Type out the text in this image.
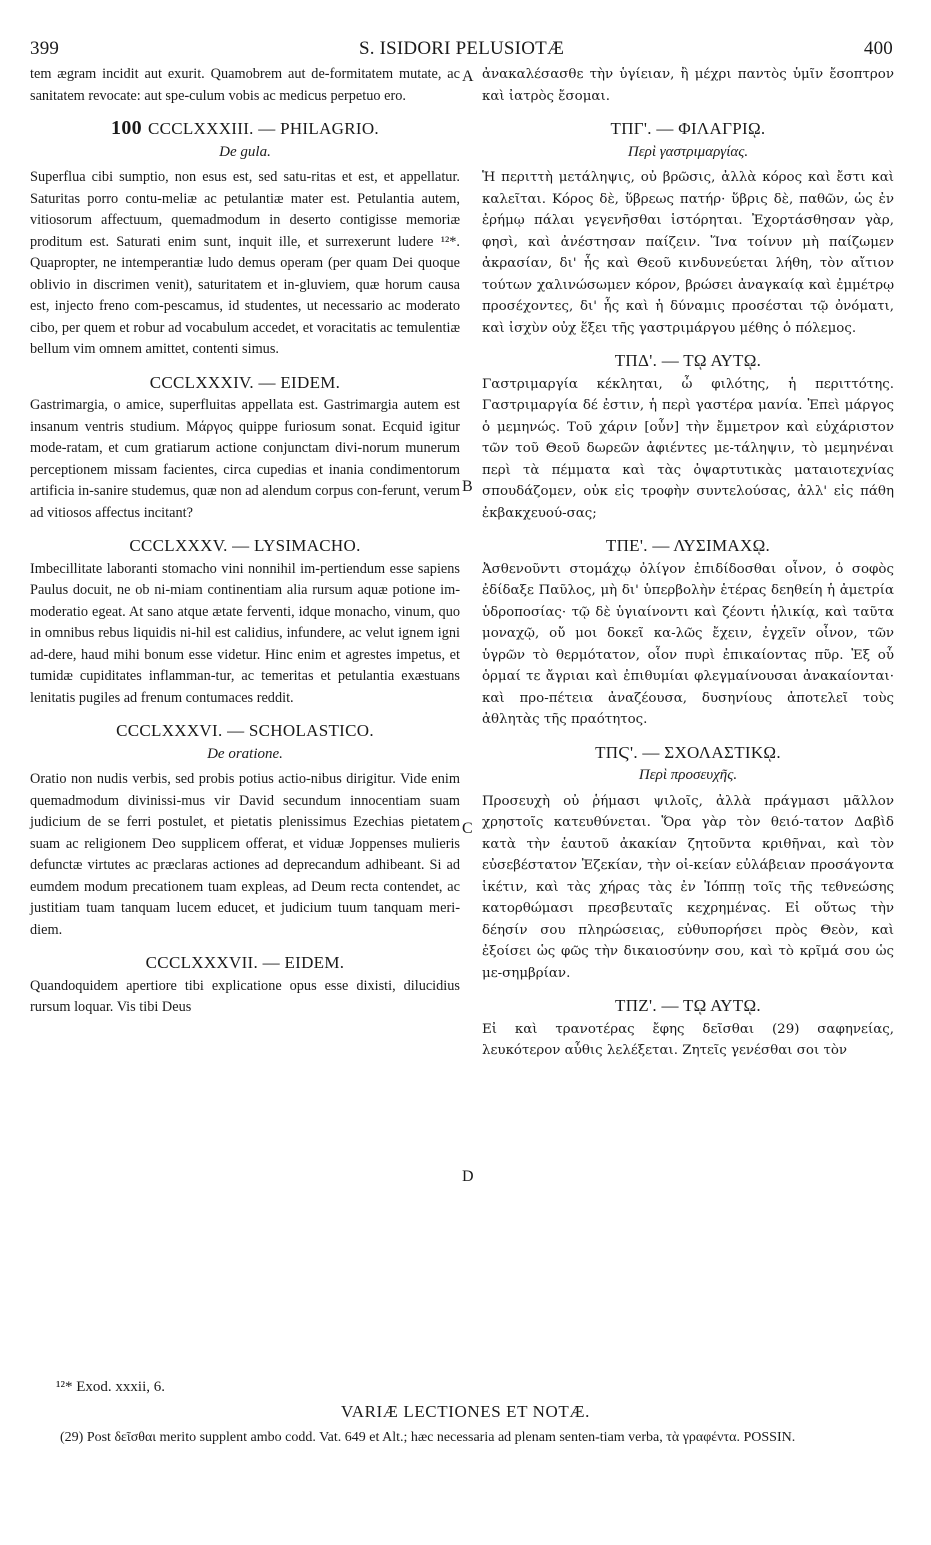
399	S. ISIDORI PELUSIOTÆ	400
A
B
C
D

tem ægram incidit aut exurit. Quamobrem aut de-formitatem mutate, ac sanitatem revocate: aut spe-culum vobis ac medicus perpetuo ero.

100 CCCLXXXIII. — PHILAGRIO.
De gula.

Superflua cibi sumptio, non esus est, sed satu-ritas et est, et appellatur. Saturitas porro contu-meliæ ac petulantiæ mater est. Petulantia autem, vitiosorum affectuum, quemadmodum in deserto contigisse memoriæ proditum est. Saturati enim sunt, inquit ille, et surrexerunt ludere ¹²*. Quapropter, ne intemperantiæ ludo demus operam (per quam Dei quoque oblivio in discrimen venit), saturitatem et in-gluviem, quæ horum causa est, injecto freno com-pescamus, id studentes, ut necessario ac moderato cibo, per quem et robur ad vocabulum accedet, et voracitatis ac temulentiæ bellum vim omnem amittet, contenti simus.

CCCLXXXIV. — EIDEM.

Gastrimargia, o amice, superfluitas appellata est. Gastrimargia autem est insanum ventris studium. Μάργος quippe furiosum sonat. Ecquid igitur mode-ratam, et cum gratiarum actione conjunctam divi-norum munerum perceptionem missam facientes, circa cupedias et inania condimentorum artificia in-sanire studemus, quæ non ad alendum corpus con-ferunt, verum ad vitiosos affectus incitant?

CCCLXXXV. — LYSIMACHO.

Imbecillitate laboranti stomacho vini nonnihil im-pertiendum esse sapiens Paulus docuit, ne ob ni-miam continentiam alia rursum aquæ potione im-moderatio egeat. At sano atque ætate ferventi, idque monacho, vinum, quo in omnibus rebus liquidis ni-hil est calidius, infundere, ac velut ignem igni ad-dere, haud mihi bonum esse videtur. Hinc enim et agrestes impetus, et tumidæ cupiditates inflamman-tur, ac temeritas et petulantia exæstuans lenitatis pugiles ad frenum contumaces reddit.

CCCLXXXVI. — SCHOLASTICO.
De oratione.

Oratio non nudis verbis, sed probis potius actio-nibus dirigitur. Vide enim quemadmodum divinissi-mus vir David secundum innocentiam suam judicium de se ferri postulet, et pietatis plenissimus Ezechias pietatem suam ac religionem Deo supplicem offerat, et viduæ Joppenses mulieris defunctæ virtutes ac præclaras actiones ad deprecandum adhibeant. Si ad eumdem modum precationem tuam expleas, ad Deum recta contendet, ac justitiam tuam tanquam lucem educet, et judicium tuum tanquam meri-diem.

CCCLXXXVII. — EIDEM.

Quandoquidem apertiore tibi explicatione opus esse dixisti, dilucidius rursum loquar. Vis tibi Deus

ἀνακαλέσασθε τὴν ὑγίειαν, ἢ μέχρι παντὸς ὑμῖν ἔσοπτρον καὶ ἰατρὸς ἔσομαι.

ΤΠΓ'. — ΦΙΛΑΓΡΙῼ.
Περὶ γαστριμαργίας.

Ἡ περιττὴ μετάληψις, οὐ βρῶσις, ἀλλὰ κόρος καὶ ἔστι καὶ καλεῖται. Κόρος δὲ, ὕβρεως πατήρ· ὕβρις δὲ, παθῶν, ὡς ἐν ἐρήμῳ πάλαι γεγενῆσθαι ἱστόρηται. Ἐχορτάσθησαν γὰρ, φησὶ, καὶ ἀνέστησαν παίζειν. Ἵνα τοίνυν μὴ παίζωμεν ἀκρασίαν, δι' ἧς καὶ Θεοῦ κινδυνεύεται λήθη, τὸν αἴτιον τούτων χαλινώσωμεν κόρον, βρώσει ἀναγκαίᾳ καὶ ἐμμέτρῳ προσέχοντες, δι' ἧς καὶ ἡ δύναμις προσέσται τῷ ὀνόματι, καὶ ἰσχὺν οὐχ ἕξει τῆς γαστριμάργου μέθης ὁ πόλεμος.

ΤΠΔ'. — Τῼ ΑΥΤῼ.

Γαστριμαργία κέκληται, ὦ φιλότης, ἡ περιττότης. Γαστριμαργία δέ ἐστιν, ἡ περὶ γαστέρα μανία. Ἐπεὶ μάργος ὁ μεμηνώς. Τοῦ χάριν [οὖν] τὴν ἔμμετρον καὶ εὐχάριστον τῶν τοῦ Θεοῦ δωρεῶν ἀφιέντες με-τάληψιν, τὸ μεμηνέναι περὶ τὰ πέμματα καὶ τὰς ὀψαρτυτικὰς ματαιοτεχνίας σπουδάζομεν, οὐκ εἰς τροφὴν συντελούσας, ἀλλ' εἰς πάθη ἐκβακχευού-σας;

ΤΠΕ'. — ΛΥΣΙΜΑΧῼ.

Ἀσθενοῦντι στομάχῳ ὀλίγον ἐπιδίδοσθαι οἶνον, ὁ σοφὸς ἐδίδαξε Παῦλος, μὴ δι' ὑπερβολὴν ἑτέρας δεηθείη ἡ ἀμετρία ὑδροποσίας· τῷ δὲ ὑγιαίνοντι καὶ ζέοντι ἡλικίᾳ, καὶ ταῦτα μοναχῷ, οὔ μοι δοκεῖ κα-λῶς ἔχειν, ἐγχεῖν οἶνον, τῶν ὑγρῶν τὸ θερμότατον, οἷον πυρὶ ἐπικαίοντας πῦρ. Ἐξ οὗ ὁρμαί τε ἄγριαι καὶ ἐπιθυμίαι φλεγμαίνουσαι ἀνακαίονται· καὶ προ-πέτεια ἀναζέουσα, δυσηνίους ἀποτελεῖ τοὺς ἀθλητὰς τῆς πραότητος.

ΤΠϚ'. — ΣΧΟΛΑΣΤΙΚῼ.
Περὶ προσευχῆς.

Προσευχὴ οὐ ῥήμασι ψιλοῖς, ἀλλὰ πράγμασι μᾶλλον χρηστοῖς κατευθύνεται. Ὅρα γὰρ τὸν θειό-τατον Δαβὶδ κατὰ τὴν ἑαυτοῦ ἀκακίαν ζητοῦντα κριθῆναι, καὶ τὸν εὐσεβέστατον Ἐζεκίαν, τὴν οἰ-κείαν εὐλάβειαν προσάγοντα ἱκέτιν, καὶ τὰς χήρας τὰς ἐν Ἰόππῃ τοῖς τῆς τεθνεώσης κατορθώμασι πρεσβευταῖς κεχρημένας. Εἰ οὕτως τὴν δέησίν σου πληρώσειας, εὐθυπορήσει πρὸς Θεὸν, καὶ ἐξοίσει ὡς φῶς τὴν δικαιοσύνην σου, καὶ τὸ κρῖμά σου ὡς με-σημβρίαν.

ΤΠΖ'. — Τῼ ΑΥΤῼ.

Εἰ καὶ τρανοτέρας ἔφης δεῖσθαι (29) σαφηνείας, λευκότερον αὖθις λελέξεται. Ζητεῖς γενέσθαι σοι τὸν

¹²* Exod. xxxii, 6.
VARIÆ LECTIONES ET NOTÆ.
(29) Post δεῖσθαι merito supplent ambo codd. Vat. 649 et Alt.; hæc necessaria ad plenam senten-tiam verba, τὰ γραφέντα. POSSIN.
